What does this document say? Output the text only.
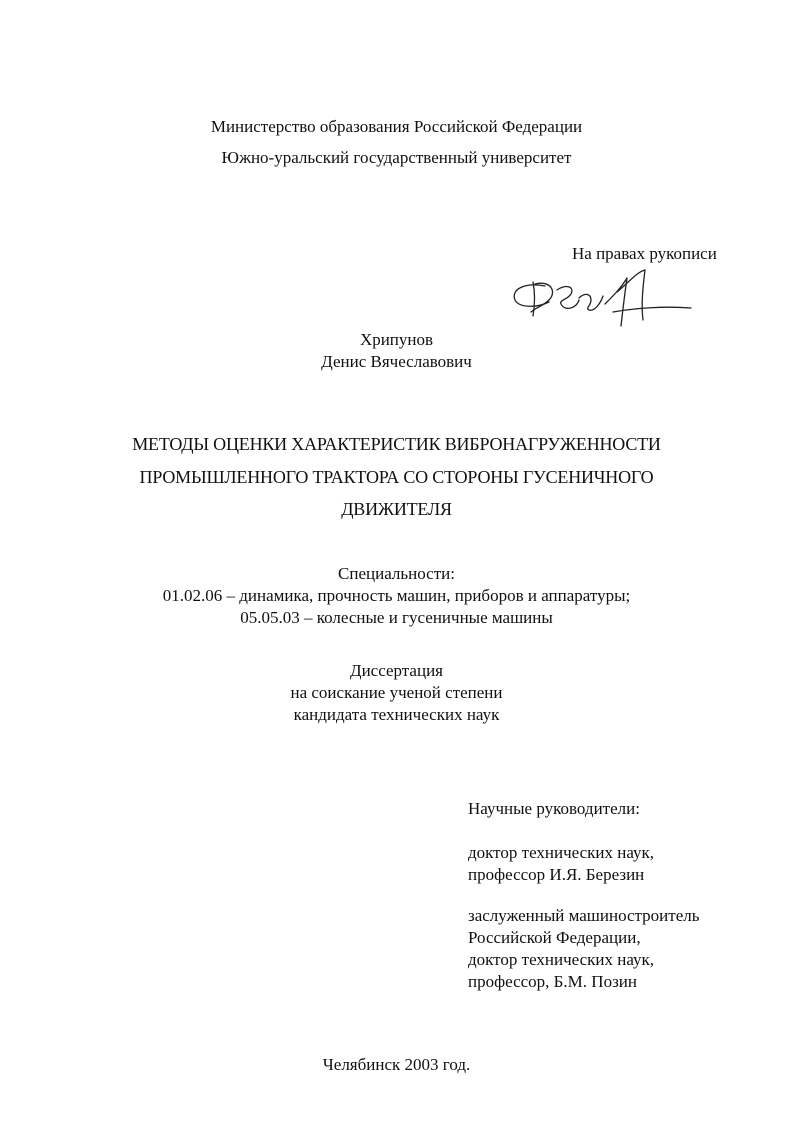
Министерство образования Российской Федерации
Южно-уральский государственный университет
На правах рукописи
Хрипунов
Денис Вячеславович
МЕТОДЫ ОЦЕНКИ ХАРАКТЕРИСТИК ВИБРОНАГРУЖЕННОСТИ
ПРОМЫШЛЕННОГО ТРАКТОРА СО СТОРОНЫ ГУСЕНИЧНОГО
ДВИЖИТЕЛЯ
Специальности:
01.02.06 – динамика, прочность машин, приборов и аппаратуры;
05.05.03 – колесные и гусеничные машины
Диссертация
на соискание ученой степени
кандидата технических наук
Научные руководители:
доктор технических наук,
профессор И.Я. Березин
заслуженный машиностроитель
Российской Федерации,
доктор технических наук,
профессор, Б.М. Позин
Челябинск 2003 год.
